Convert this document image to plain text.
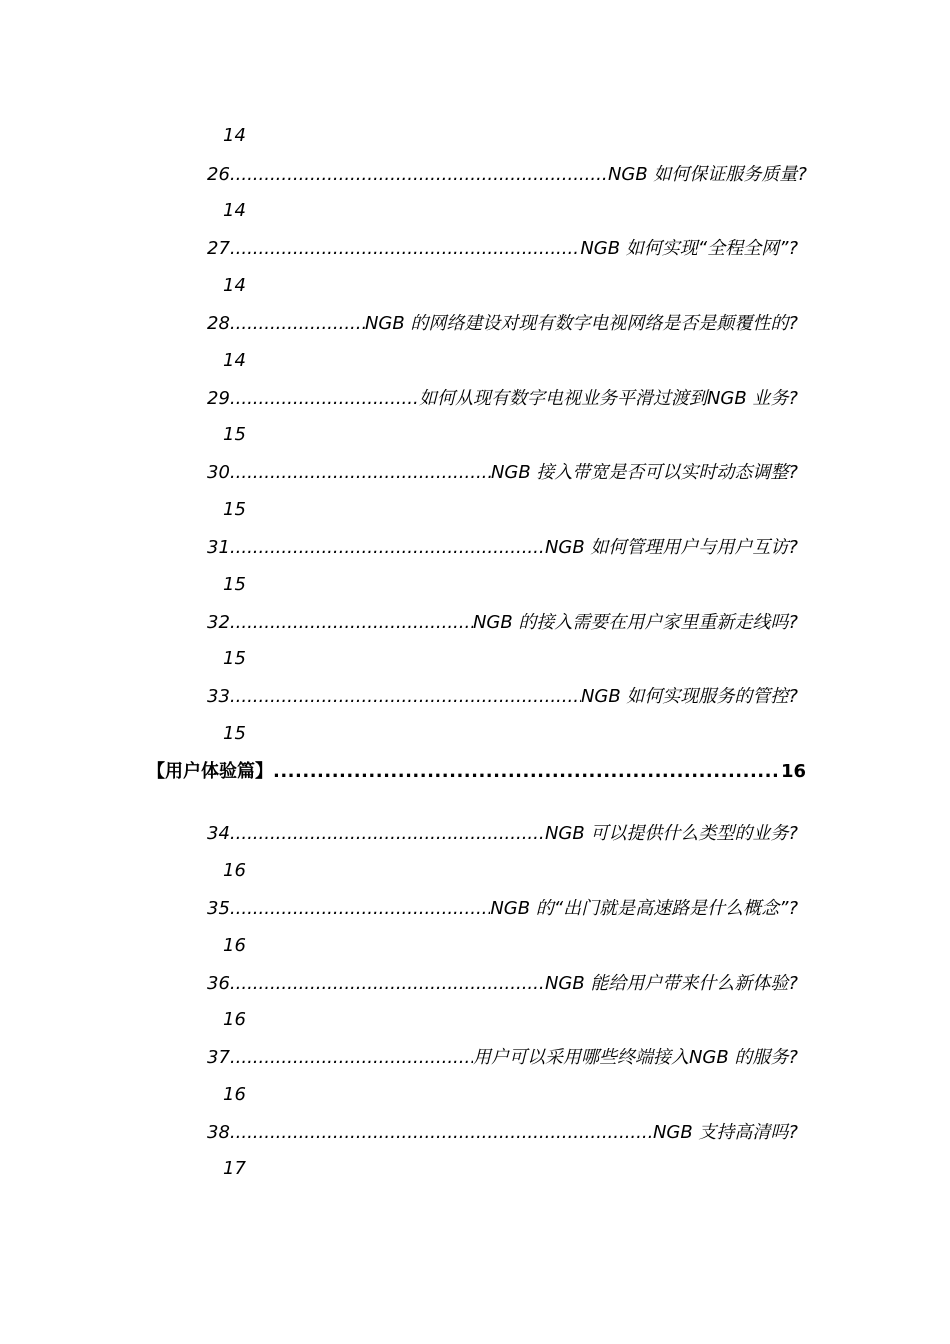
14
26 .....	NGB 如何保证服务质量?
14
27 .....	NGB 如何实现“全程全网”?
14
28 .....	NGB 的网络建设对现有数字电视网络是否是颠覆性的?
14
29 .....	如何从现有数字电视业务平滑过渡到NGB 业务?
15
30 .....	NGB 接入带宽是否可以实时动态调整?
15
31 .....	NGB 如何管理用户与用户互访?
15
32 .....	NGB 的接入需要在用户家里重新走线吗?
15
33 .....	NGB 如何实现服务的管控?
15
【用户体验篇】 .....	16
34 .....	NGB 可以提供什么类型的业务?
16
35 .....	NGB 的“出门就是高速路是什么概念”?
16
36 .....	NGB 能给用户带来什么新体验?
16
37 .....	用户可以采用哪些终端接入NGB 的服务?
16
38 .....	NGB 支持高清吗?
17
